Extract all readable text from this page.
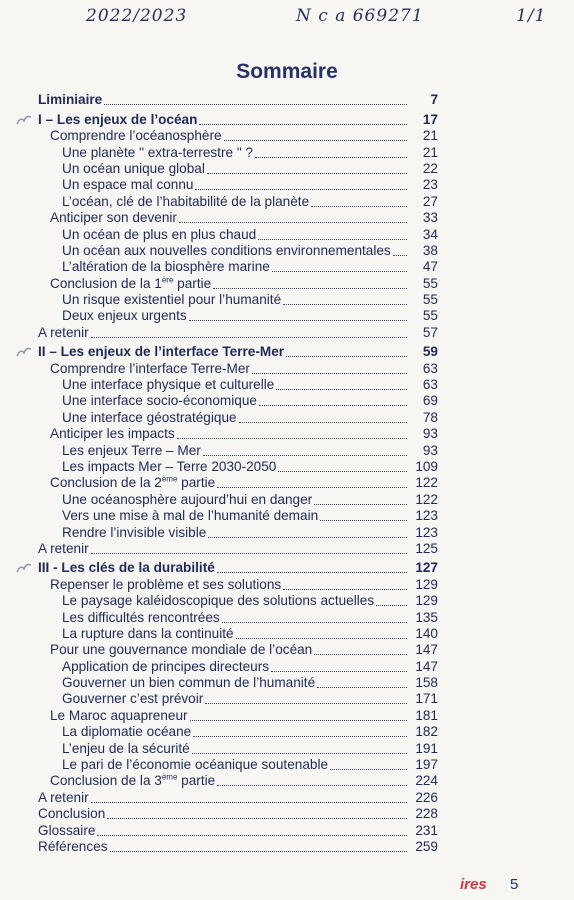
2022/2023	N c a 669271	1/1
Sommaire
Liminiaire	7
I – Les enjeux de l’océan	17
Comprendre l’océanosphère	21
Une planète " extra-terrestre " ?	21
Un océan unique global	22
Un espace mal connu	23
L’océan, clé de l’habitabilité de la planète	27
Anticiper son devenir	33
Un océan de plus en plus chaud	34
Un océan aux nouvelles conditions environnementales	38
L’altération de la biosphère marine	47
Conclusion de la 1ère partie	55
Un risque existentiel pour l’humanité	55
Deux enjeux urgents	55
A retenir	57
II – Les enjeux de l’interface Terre-Mer	59
Comprendre l’interface Terre-Mer	63
Une interface physique et culturelle	63
Une interface socio-économique	69
Une interface géostratégique	78
Anticiper les impacts	93
Les enjeux Terre – Mer	93
Les impacts Mer – Terre 2030-2050	109
Conclusion de la 2ème partie	122
Une océanosphère aujourd’hui en danger	122
Vers une mise à mal de l’humanité demain	123
Rendre l’invisible visible	123
A retenir	125
III - Les clés de la durabilité	127
Repenser le problème et ses solutions	129
Le paysage kaléidoscopique des solutions actuelles	129
Les difficultés rencontrées	135
La rupture dans la continuité	140
Pour une gouvernance mondiale de l’océan	147
Application de principes directeurs	147
Gouverner un bien commun de l’humanité	158
Gouverner c’est prévoir	171
Le Maroc aquapreneur	181
La diplomatie océane	182
L’enjeu de la sécurité	191
Le pari de l’économie océanique soutenable	197
Conclusion de la 3ème partie	224
A retenir	226
Conclusion	228
Glossaire	231
Références	259
ires 5
